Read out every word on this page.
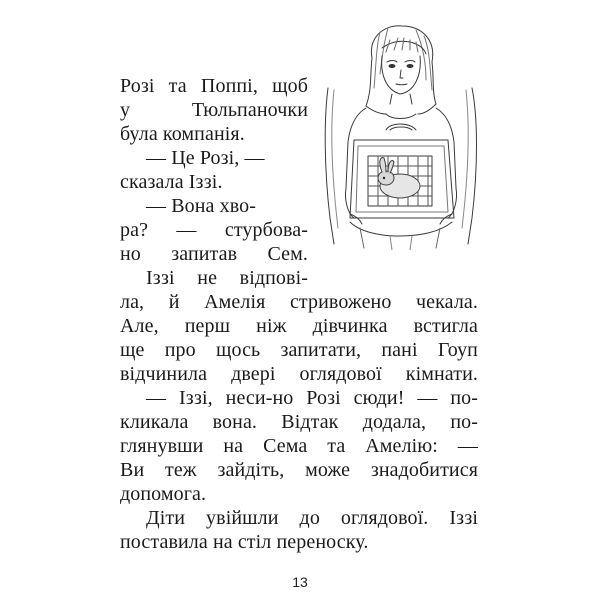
Розі та Поппі, щоб
у Тюльпаночки
була компанія.
— Це Розі, —
сказала Іззі.
— Вона хво-
ра? — стурбова-
но запитав Сем.
Іззі не відповi-
ла, й Амелія стривожено чекала.
Але, перш ніж дівчинка встигла
ще про щось запитати, пані Гоуп
відчинила двері оглядової кімнати.
— Іззі, неси-но Розі сюди! — по-
кликала вона. Відтак додала, по-
глянувши на Сема та Амелію: —
Ви теж зайдіть, може знадобитися
допомога.
Діти увійшли до оглядової. Іззі
поставила на стіл переноску.
13
